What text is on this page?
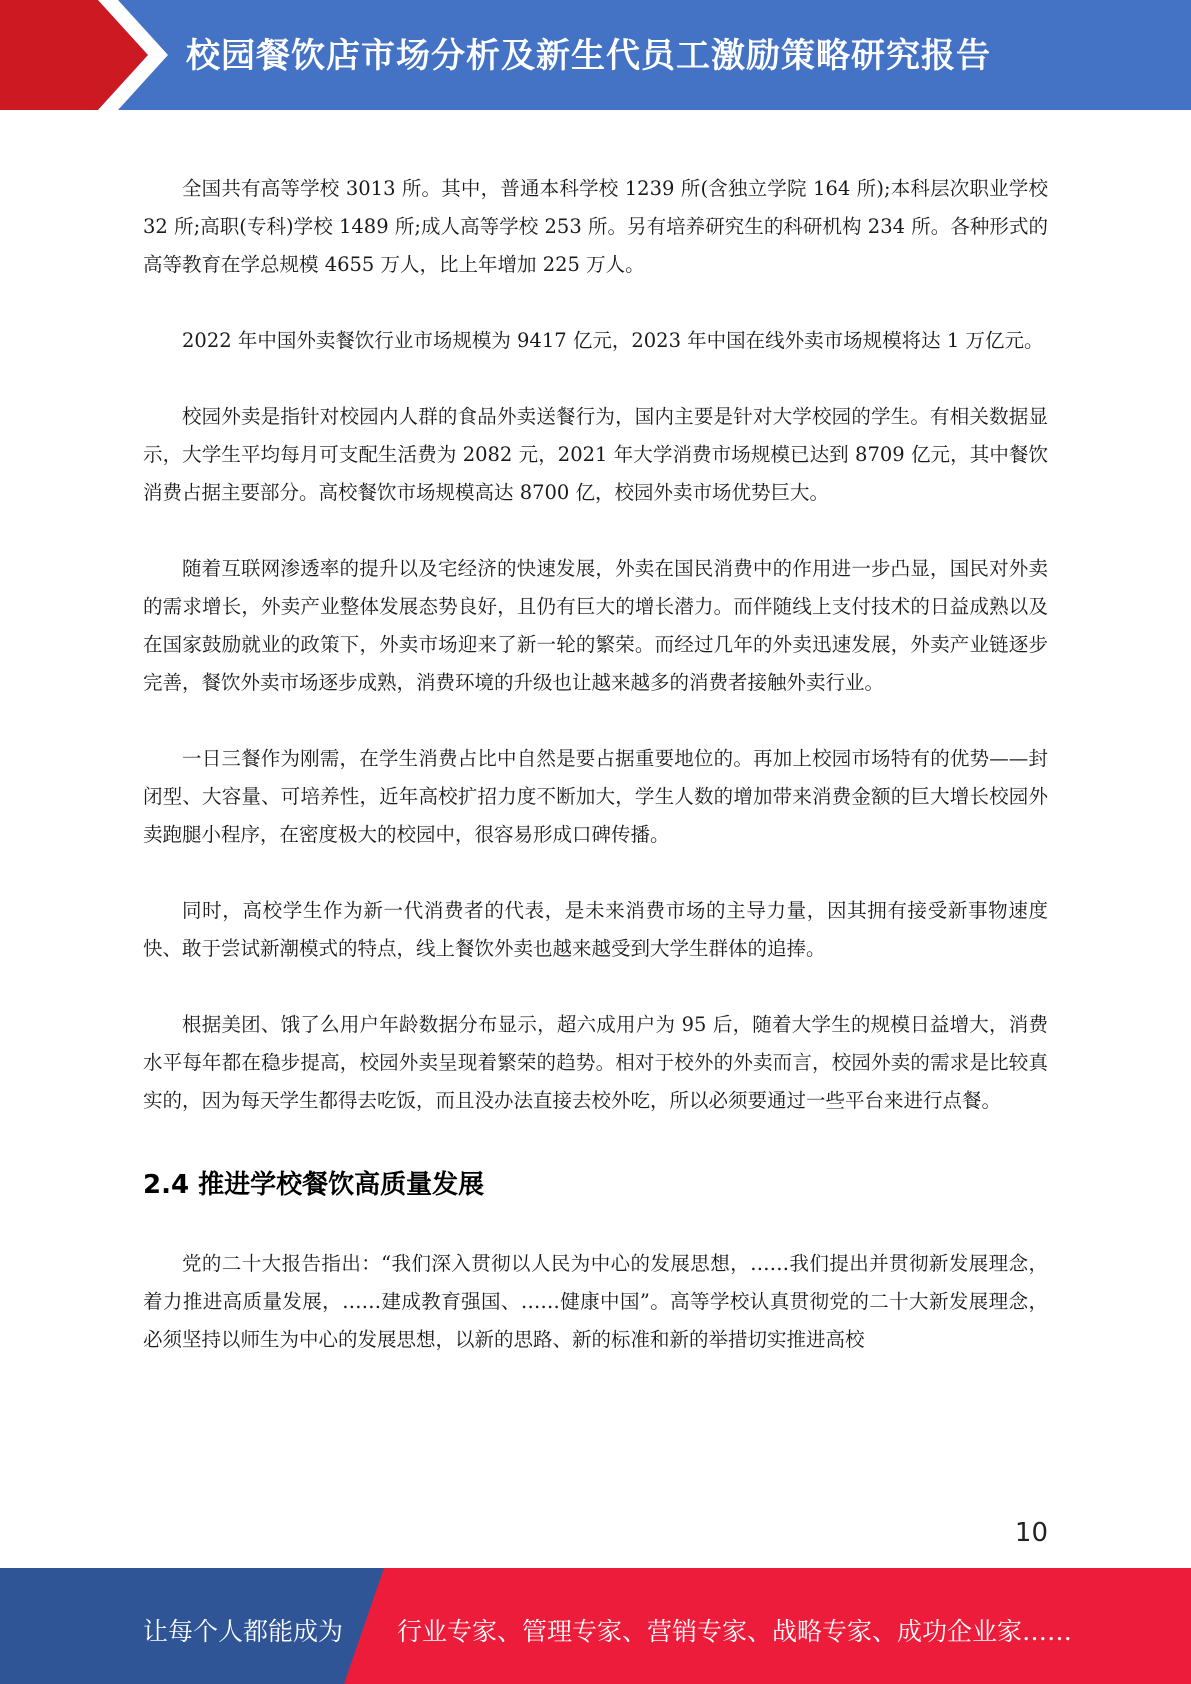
校园餐饮店市场分析及新生代员工激励策略研究报告

全国共有高等学校 3013 所。其中，普通本科学校 1239 所(含独立学院 164 所);本科层次职业学校 32 所;高职(专科)学校 1489 所;成人高等学校 253 所。另有培养研究生的科研机构 234 所。各种形式的高等教育在学总规模 4655 万人，比上年增加 225 万人。

2022 年中国外卖餐饮行业市场规模为 9417 亿元，2023 年中国在线外卖市场规模将达 1 万亿元。

校园外卖是指针对校园内人群的食品外卖送餐行为，国内主要是针对大学校园的学生。有相关数据显示，大学生平均每月可支配生活费为 2082 元，2021 年大学消费市场规模已达到 8709 亿元，其中餐饮消费占据主要部分。高校餐饮市场规模高达 8700 亿，校园外卖市场优势巨大。

随着互联网渗透率的提升以及宅经济的快速发展，外卖在国民消费中的作用进一步凸显，国民对外卖的需求增长，外卖产业整体发展态势良好，且仍有巨大的增长潜力。而伴随线上支付技术的日益成熟以及在国家鼓励就业的政策下，外卖市场迎来了新一轮的繁荣。而经过几年的外卖迅速发展，外卖产业链逐步完善，餐饮外卖市场逐步成熟，消费环境的升级也让越来越多的消费者接触外卖行业。

一日三餐作为刚需，在学生消费占比中自然是要占据重要地位的。再加上校园市场特有的优势——封闭型、大容量、可培养性，近年高校扩招力度不断加大，学生人数的增加带来消费金额的巨大增长校园外卖跑腿小程序，在密度极大的校园中，很容易形成口碑传播。

同时，高校学生作为新一代消费者的代表，是未来消费市场的主导力量，因其拥有接受新事物速度快、敢于尝试新潮模式的特点，线上餐饮外卖也越来越受到大学生群体的追捧。

根据美团、饿了么用户年龄数据分布显示，超六成用户为 95 后，随着大学生的规模日益增大，消费水平每年都在稳步提高，校园外卖呈现着繁荣的趋势。相对于校外的外卖而言，校园外卖的需求是比较真实的，因为每天学生都得去吃饭，而且没办法直接去校外吃，所以必须要通过一些平台来进行点餐。

2.4 推进学校餐饮高质量发展

党的二十大报告指出：“我们深入贯彻以人民为中心的发展思想，……我们提出并贯彻新发展理念，着力推进高质量发展，……建成教育强国、……健康中国”。高等学校认真贯彻党的二十大新发展理念，必须坚持以师生为中心的发展思想，以新的思路、新的标准和新的举措切实推进高校

10
让每个人都能成为 行业专家、管理专家、营销专家、战略专家、成功企业家……
